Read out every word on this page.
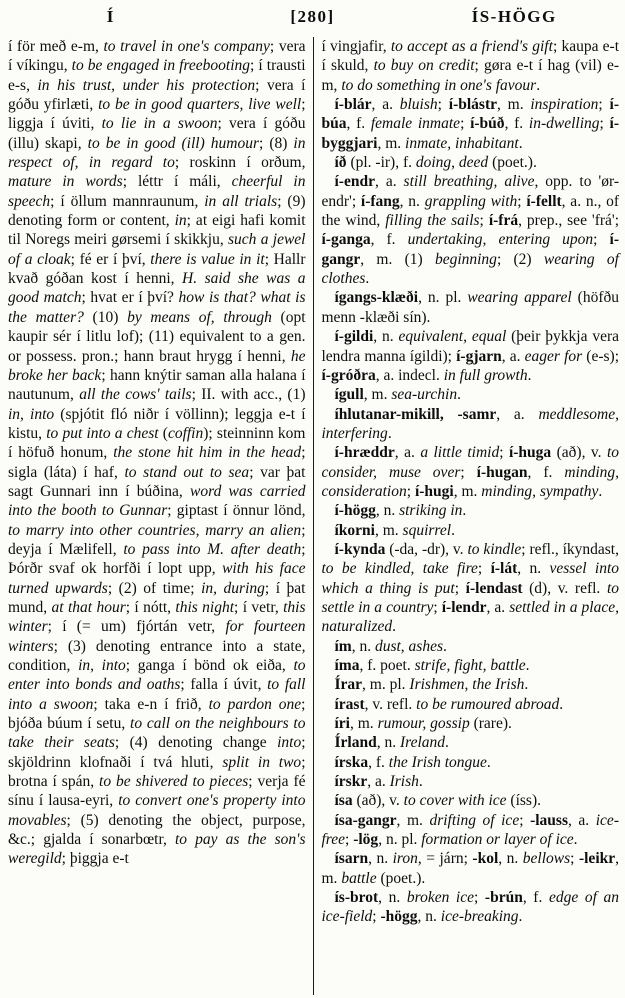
Í	[280]	ÍS-HÖGG

í för með e-m, to travel in one's company; vera í víkingu, to be engaged in freebooting; í trausti e-s, in his trust, under his protection; vera í góðu yfirlæti, to be in good quarters, live well; liggja í úviti, to lie in a swoon; vera í góðu (illu) skapi, to be in good (ill) humour; (8) in respect of, in regard to; roskinn í orðum, mature in words; léttr í máli, cheerful in speech; í öllum mannraunum, in all trials; (9) denoting form or content, in; at eigi hafi komit til Noregs meiri gørsemi í skikkju, such a jewel of a cloak; fé er í því, there is value in it; Hallr kvað góðan kost í henni, H. said she was a good match; hvat er í því? how is that? what is the matter? (10) by means of, through (opt kaupir sér í litlu lof); (11) equivalent to a gen. or possess. pron.; hann braut hrygg í henni, he broke her back; hann knýtir saman alla halana í nautunum, all the cows' tails; II. with acc., (1) in, into (spjótit fló niðr í völlinn); leggja e-t í kistu, to put into a chest (coffin); steinninn kom í höfuð honum, the stone hit him in the head; sigla (láta) í haf, to stand out to sea; var þat sagt Gunnari inn í búðina, word was carried into the booth to Gunnar; giptast í önnur lönd, to marry into other countries, marry an alien; deyja í Mælifell, to pass into M. after death; Þórðr svaf ok horfði í lopt upp, with his face turned upwards; (2) of time; in, during; í þat mund, at that hour; í nótt, this night; í vetr, this winter; í (= um) fjórtán vetr, for fourteen winters; (3) denoting entrance into a state, condition, in, into; ganga í bönd ok eiða, to enter into bonds and oaths; falla í úvit, to fall into a swoon; taka e-n í frið, to pardon one; bjóða búum í setu, to call on the neighbours to take their seats; (4) denoting change into; skjöldrinn klofnaði í tvá hluti, split in two; brotna í spán, to be shivered to pieces; verja fé sínu í lausa-eyri, to convert one's property into movables; (5) denoting the object, purpose, &c.; gjalda í sonarbœtr, to pay as the son's weregild; þiggja e-t

í vingjafir, to accept as a friend's gift; kaupa e-t í skuld, to buy on credit; gøra e-t í hag (vil) e-m, to do something in one's favour.

í-blár, a. bluish; í-blástr, m. inspiration; í-búa, f. female inmate; í-búð, f. in-dwelling; í-byggjari, m. inmate, inhabitant.

íð (pl. -ir), f. doing, deed (poet.).

í-endr, a. still breathing, alive, opp. to 'ør-endr'; í-fang, n. grappling with; í-fellt, a. n., of the wind, filling the sails; í-frá, prep., see 'frá'; í-ganga, f. undertaking, entering upon; í-gangr, m. (1) beginning; (2) wearing of clothes.

ígangs-klæði, n. pl. wearing apparel (höfðu menn -klæði sín).

í-gildi, n. equivalent, equal (þeir þykkja vera lendra manna ígildi); í-gjarn, a. eager for (e-s); í-gróðra, a. indecl. in full growth.

ígull, m. sea-urchin.

íhlutanar-mikill, -samr, a. meddlesome, interfering.

í-hræddr, a. a little timid; í-huga (að), v. to consider, muse over; í-hugan, f. minding, consideration; í-hugi, m. minding, sympathy.

í-högg, n. striking in.

íkorni, m. squirrel.

í-kynda (-da, -dr), v. to kindle; refl., íkyndast, to be kindled, take fire; í-lát, n. vessel into which a thing is put; í-lendast (d), v. refl. to settle in a country; í-lendr, a. settled in a place, naturalized.

ím, n. dust, ashes.

íma, f. poet. strife, fight, battle.

Írar, m. pl. Irishmen, the Irish.

írast, v. refl. to be rumoured abroad.

íri, m. rumour, gossip (rare).

Írland, n. Ireland.

írska, f. the Irish tongue.

írskr, a. Irish.

ísa (að), v. to cover with ice (íss).

ísa-gangr, m. drifting of ice; -lauss, a. ice-free; -lög, n. pl. formation or layer of ice.

ísarn, n. iron, = járn; -kol, n. bellows; -leikr, m. battle (poet.).

ís-brot, n. broken ice; -brún, f. edge of an ice-field; -högg, n. ice-breaking.
